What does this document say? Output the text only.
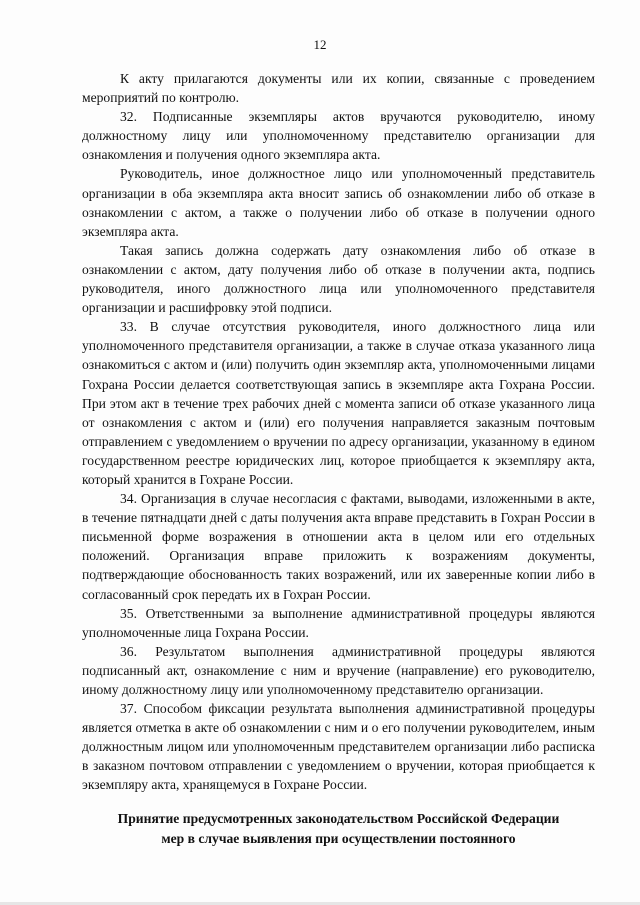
12

К акту прилагаются документы или их копии, связанные с проведением мероприятий по контролю.

32. Подписанные экземпляры актов вручаются руководителю, иному должностному лицу или уполномоченному представителю организации для ознакомления и получения одного экземпляра акта.

Руководитель, иное должностное лицо или уполномоченный представитель организации в оба экземпляра акта вносит запись об ознакомлении либо об отказе в ознакомлении с актом, а также о получении либо об отказе в получении одного экземпляра акта.

Такая запись должна содержать дату ознакомления либо об отказе в ознакомлении с актом, дату получения либо об отказе в получении акта, подпись руководителя, иного должностного лица или уполномоченного представителя организации и расшифровку этой подписи.

33. В случае отсутствия руководителя, иного должностного лица или уполномоченного представителя организации, а также в случае отказа указанного лица ознакомиться с актом и (или) получить один экземпляр акта, уполномоченными лицами Гохрана России делается соответствующая запись в экземпляре акта Гохрана России. При этом акт в течение трех рабочих дней с момента записи об отказе указанного лица от ознакомления с актом и (или) его получения направляется заказным почтовым отправлением с уведомлением о вручении по адресу организации, указанному в едином государственном реестре юридических лиц, которое приобщается к экземпляру акта, который хранится в Гохране России.

34. Организация в случае несогласия с фактами, выводами, изложенными в акте, в течение пятнадцати дней с даты получения акта вправе представить в Гохран России в письменной форме возражения в отношении акта в целом или его отдельных положений. Организация вправе приложить к возражениям документы, подтверждающие обоснованность таких возражений, или их заверенные копии либо в согласованный срок передать их в Гохран России.

35. Ответственными за выполнение административной процедуры являются уполномоченные лица Гохрана России.

36. Результатом выполнения административной процедуры являются подписанный акт, ознакомление с ним и вручение (направление) его руководителю, иному должностному лицу или уполномоченному представителю организации.

37. Способом фиксации результата выполнения административной процедуры является отметка в акте об ознакомлении с ним и о его получении руководителем, иным должностным лицом или уполномоченным представителем организации либо расписка в заказном почтовом отправлении с уведомлением о вручении, которая приобщается к экземпляру акта, хранящемуся в Гохране России.

Принятие предусмотренных законодательством Российской Федерации
мер в случае выявления при осуществлении постоянного
